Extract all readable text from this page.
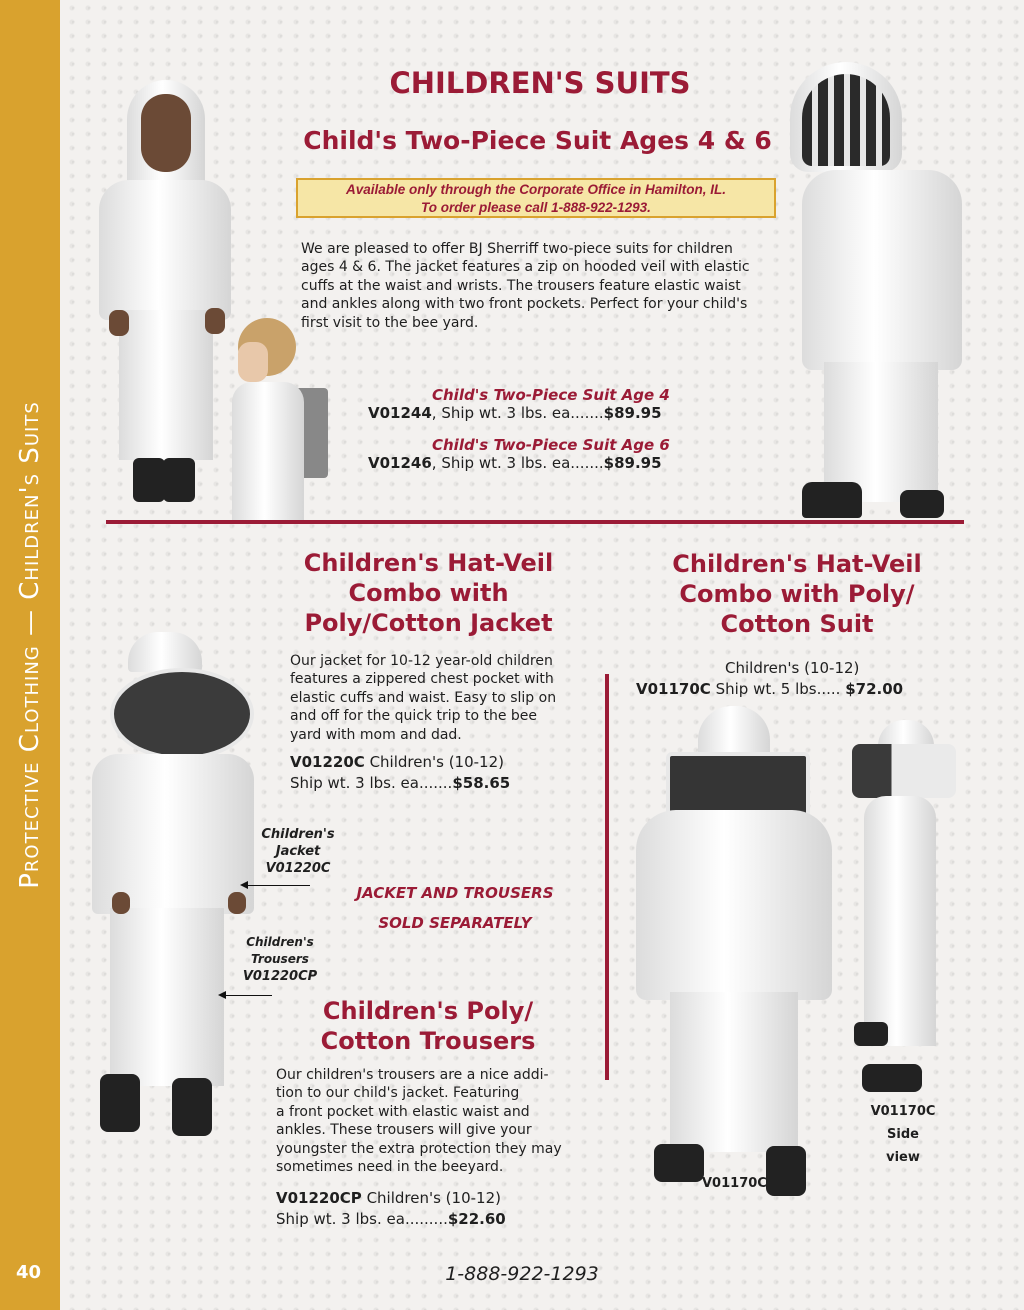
Protective Clothing — Children's Suits
40
CHILDREN'S SUITS
Child's Two-Piece Suit Ages 4 & 6
Available only through the Corporate Office in Hamilton, IL.
To order please call 1-888-922-1293.
We are pleased to offer BJ Sherriff two-piece suits for children
ages 4 & 6. The jacket features a zip on hooded veil with elastic
cuffs at the waist and wrists. The trousers feature elastic waist
and ankles along with two front pockets. Perfect for your child's
first visit to the bee yard.
Child's Two-Piece Suit Age 4
V01244, Ship wt. 3 lbs. ea.......$89.95
Child's Two-Piece Suit Age 6
V01246, Ship wt. 3 lbs. ea.......$89.95
Children's Hat-Veil
Combo with
Poly/Cotton Jacket
Our jacket for 10-12 year-old children
features a zippered chest pocket with
elastic cuffs and waist. Easy to slip on
and off for the quick trip to the bee
yard with mom and dad.
V01220C Children's (10-12)
Ship wt. 3 lbs. ea.......$58.65
Children's
Jacket
V01220C
Children's
Trousers
V01220CP
JACKET AND TROUSERS
SOLD SEPARATELY
Children's Poly/
Cotton Trousers
Our children's trousers are a nice addi-
tion to our child's jacket. Featuring
a front pocket with elastic waist and
ankles. These trousers will give your
youngster the extra protection they may
sometimes need in the beeyard.
V01220CP Children's (10-12)
Ship wt. 3 lbs. ea.........$22.60
Children's Hat-Veil
Combo with Poly/
Cotton Suit
Children's (10-12)
V01170C Ship wt. 5 lbs..... $72.00
V01170C
V01170C
Side view
1-888-922-1293
